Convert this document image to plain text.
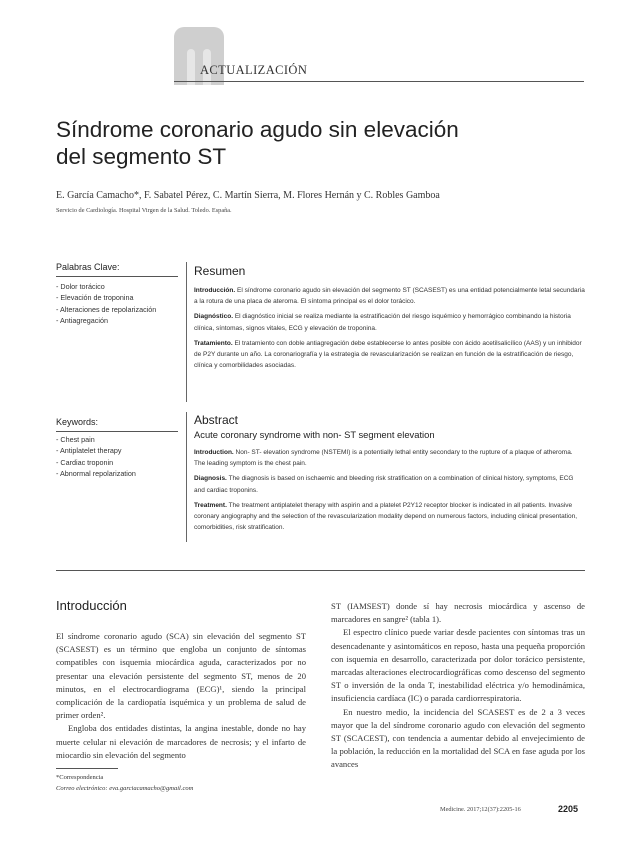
ACTUALIZACIÓN
Síndrome coronario agudo sin elevación
del segmento ST
E. García Camacho*, F. Sabatel Pérez, C. Martín Sierra, M. Flores Hernán y C. Robles Gamboa
Servicio de Cardiología. Hospital Virgen de la Salud. Toledo. España.
Palabras Clave:
- Dolor torácico
- Elevación de troponina
- Alteraciones de repolarización
- Antiagregación
Keywords:
- Chest pain
- Antiplatelet therapy
- Cardiac troponin
- Abnormal repolarization
Resumen

Introducción. El síndrome coronario agudo sin elevación del segmento ST (SCASEST) es una entidad potencialmente letal secundaria a la rotura de una placa de ateroma. El síntoma principal es el dolor torácico.

Diagnóstico. El diagnóstico inicial se realiza mediante la estratificación del riesgo isquémico y hemorrágico combinando la historia clínica, síntomas, signos vitales, ECG y elevación de troponina.

Tratamiento. El tratamiento con doble antiagregación debe establecerse lo antes posible con ácido acetilsalicílico (AAS) y un inhibidor de P2Y durante un año. La coronariografía y la estrategia de revascularización se realizan en función de la estratificación de riesgo, clínica y comorbilidades asociadas.

Abstract
Acute coronary syndrome with non- ST segment elevation

Introduction. Non- ST- elevation syndrome (NSTEMI) is a potentially lethal entity secondary to the rupture of a plaque of atheroma. The leading symptom is the chest pain.

Diagnosis. The diagnosis is based on ischaemic and bleeding risk stratification on a combination of clinical history, symptoms, ECG and cardiac troponins.

Treatment. The treatment antiplatelet therapy with aspirin and a platelet P2Y12 receptor blocker is indicated in all patients. Invasive coronary angiography and the selection of the revascularization modality depend on numerous factors, including clinical presentation, comorbidities, risk stratification.

Introducción

El síndrome coronario agudo (SCA) sin elevación del segmento ST (SCASEST) es un término que engloba un conjunto de síntomas compatibles con isquemia miocárdica aguda, caracterizados por no presentar una elevación persistente del segmento ST, menos de 20 minutos, en el electrocardiograma (ECG)¹, siendo la principal complicación de la cardiopatía isquémica y un problema de salud de primer orden².

Engloba dos entidades distintas, la angina inestable, donde no hay muerte celular ni elevación de marcadores de necrosis; y el infarto de miocardio sin elevación del segmento

ST (IAMSEST) donde sí hay necrosis miocárdica y ascenso de marcadores en sangre² (tabla 1).

El espectro clínico puede variar desde pacientes con síntomas tras un desencadenante y asintomáticos en reposo, hasta una pequeña proporción con isquemia en desarrollo, caracterizada por dolor torácico persistente, marcadas alteraciones electrocardiográficas como descenso del segmento ST o inversión de la onda T, inestabilidad eléctrica y/o hemodinámica, insuficiencia cardíaca (IC) o parada cardiorrespiratoria.

En nuestro medio, la incidencia del SCASEST es de 2 a 3 veces mayor que la del síndrome coronario agudo con elevación del segmento ST (SCACEST), con tendencia a aumentar debido al envejecimiento de la población, la reducción en la mortalidad del SCA en fase aguda por los avances

*Correspondencia
Correo electrónico: eva.garciacamacho@gmail.com
Medicine. 2017;12(37):2205-16	2205
